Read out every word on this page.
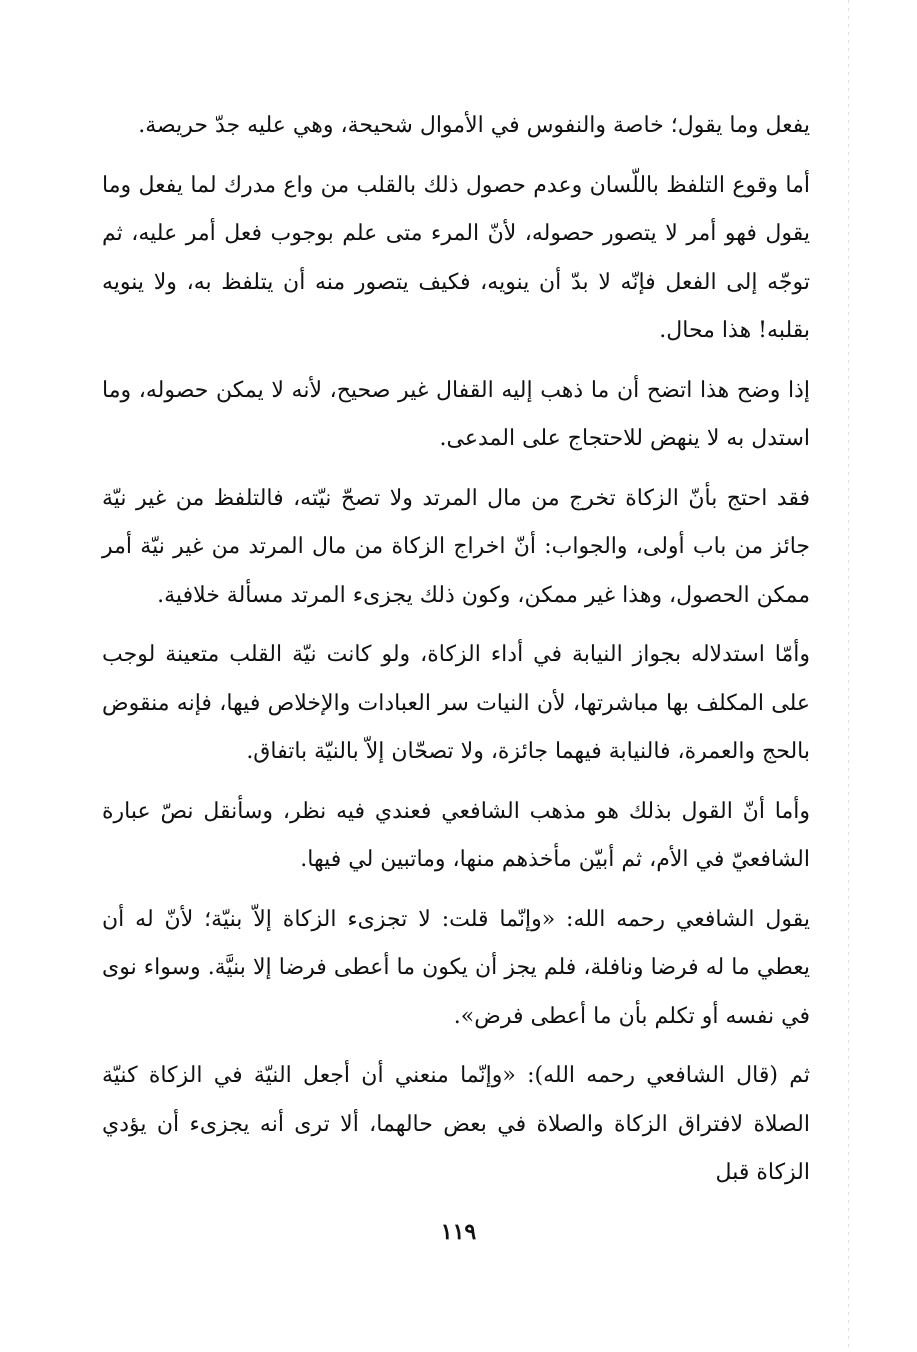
يفعل وما يقول؛ خاصة والنفوس في الأموال شحيحة، وهي عليه جدّ حريصة.

أما وقوع التلفظ باللّسان وعدم حصول ذلك بالقلب من واع مدرك لما يفعل وما يقول فهو أمر لا يتصور حصوله، لأنّ المرء متى علم بوجوب فعل أمر عليه، ثم توجّه إلى الفعل فإنّه لا بدّ أن ينويه، فكيف يتصور منه أن يتلفظ به، ولا ينويه بقلبه! هذا محال.

إذا وضح هذا اتضح أن ما ذهب إليه القفال غير صحيح، لأنه لا يمكن حصوله، وما استدل به لا ينهض للاحتجاج على المدعى.

فقد احتج بأنّ الزكاة تخرج من مال المرتد ولا تصحّ نيّته، فالتلفظ من غير نيّة جائز من باب أولى، والجواب: أنّ اخراج الزكاة من مال المرتد من غير نيّة أمر ممكن الحصول، وهذا غير ممكن، وكون ذلك يجزىء المرتد مسألة خلافية.

وأمّا استدلاله بجواز النيابة في أداء الزكاة، ولو كانت نيّة القلب متعينة لوجب على المكلف بها مباشرتها، لأن النيات سر العبادات والإخلاص فيها، فإنه منقوض بالحج والعمرة، فالنيابة فيهما جائزة، ولا تصحّان إلاّ بالنيّة باتفاق.

وأما أنّ القول بذلك هو مذهب الشافعي فعندي فيه نظر، وسأنقل نصّ عبارة الشافعيّ في الأم، ثم أبيّن مأخذهم منها، وماتبين لي فيها.

يقول الشافعي رحمه الله: «وإنّما قلت: لا تجزىء الزكاة إلاّ بنيّة؛ لأنّ له أن يعطي ما له فرضا ونافلة، فلم يجز أن يكون ما أعطى فرضا إلا بنيَّة. وسواء نوى في نفسه أو تكلم بأن ما أعطى فرض».

ثم (قال الشافعي رحمه الله): «وإنّما منعني أن أجعل النيّة في الزكاة كنيّة الصلاة لافتراق الزكاة والصلاة في بعض حالهما، ألا ترى أنه يجزىء أن يؤدي الزكاة قبل

١١٩
